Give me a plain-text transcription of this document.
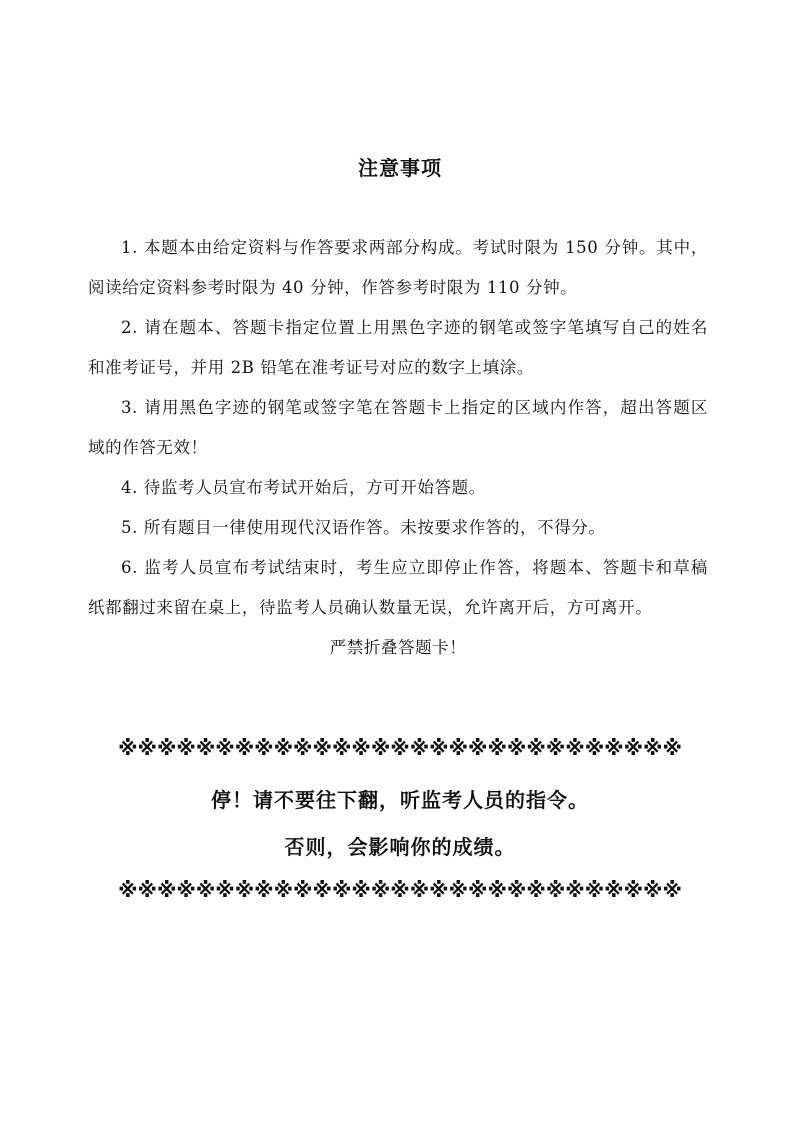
注意事项

1. 本题本由给定资料与作答要求两部分构成。考试时限为 150 分钟。其中，阅读给定资料参考时限为 40 分钟，作答参考时限为 110 分钟。

2. 请在题本、答题卡指定位置上用黑色字迹的钢笔或签字笔填写自己的姓名和准考证号，并用 2B 铅笔在准考证号对应的数字上填涂。

3. 请用黑色字迹的钢笔或签字笔在答题卡上指定的区域内作答，超出答题区域的作答无效！

4. 待监考人员宣布考试开始后，方可开始答题。

5. 所有题目一律使用现代汉语作答。未按要求作答的，不得分。

6. 监考人员宣布考试结束时，考生应立即停止作答，将题本、答题卡和草稿纸都翻过来留在桌上，待监考人员确认数量无误，允许离开后，方可离开。

严禁折叠答题卡！

※※※※※※※※※※※※※※※※※※※※※※※※※※※※※
停！请不要往下翻，听监考人员的指令。
否则，会影响你的成绩。
※※※※※※※※※※※※※※※※※※※※※※※※※※※※※
